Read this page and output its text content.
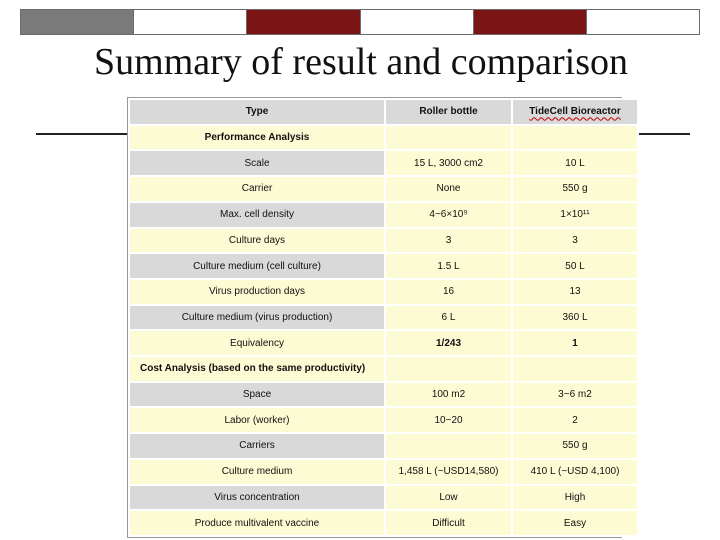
Summary of result and comparison
Type	Roller bottle	TideCell Bioreactor
Performance Analysis		
Scale	15 L, 3000 cm2	10 L
Carrier	None	550 g
Max. cell density	4~6×10⁹	1×10¹¹
Culture days	3	3
Culture medium (cell culture)	1.5 L	50 L
Virus production days	16	13
Culture medium (virus production)	6 L	360 L
Equivalency	1/243	1
Cost Analysis (based on the same productivity)		
Space	100 m2	3~6 m2
Labor (worker)	10~20	2
Carriers		550 g
Culture medium	1,458 L (~USD14,580)	410 L (~USD 4,100)
Virus concentration	Low	High
Produce multivalent vaccine	Difficult	Easy
